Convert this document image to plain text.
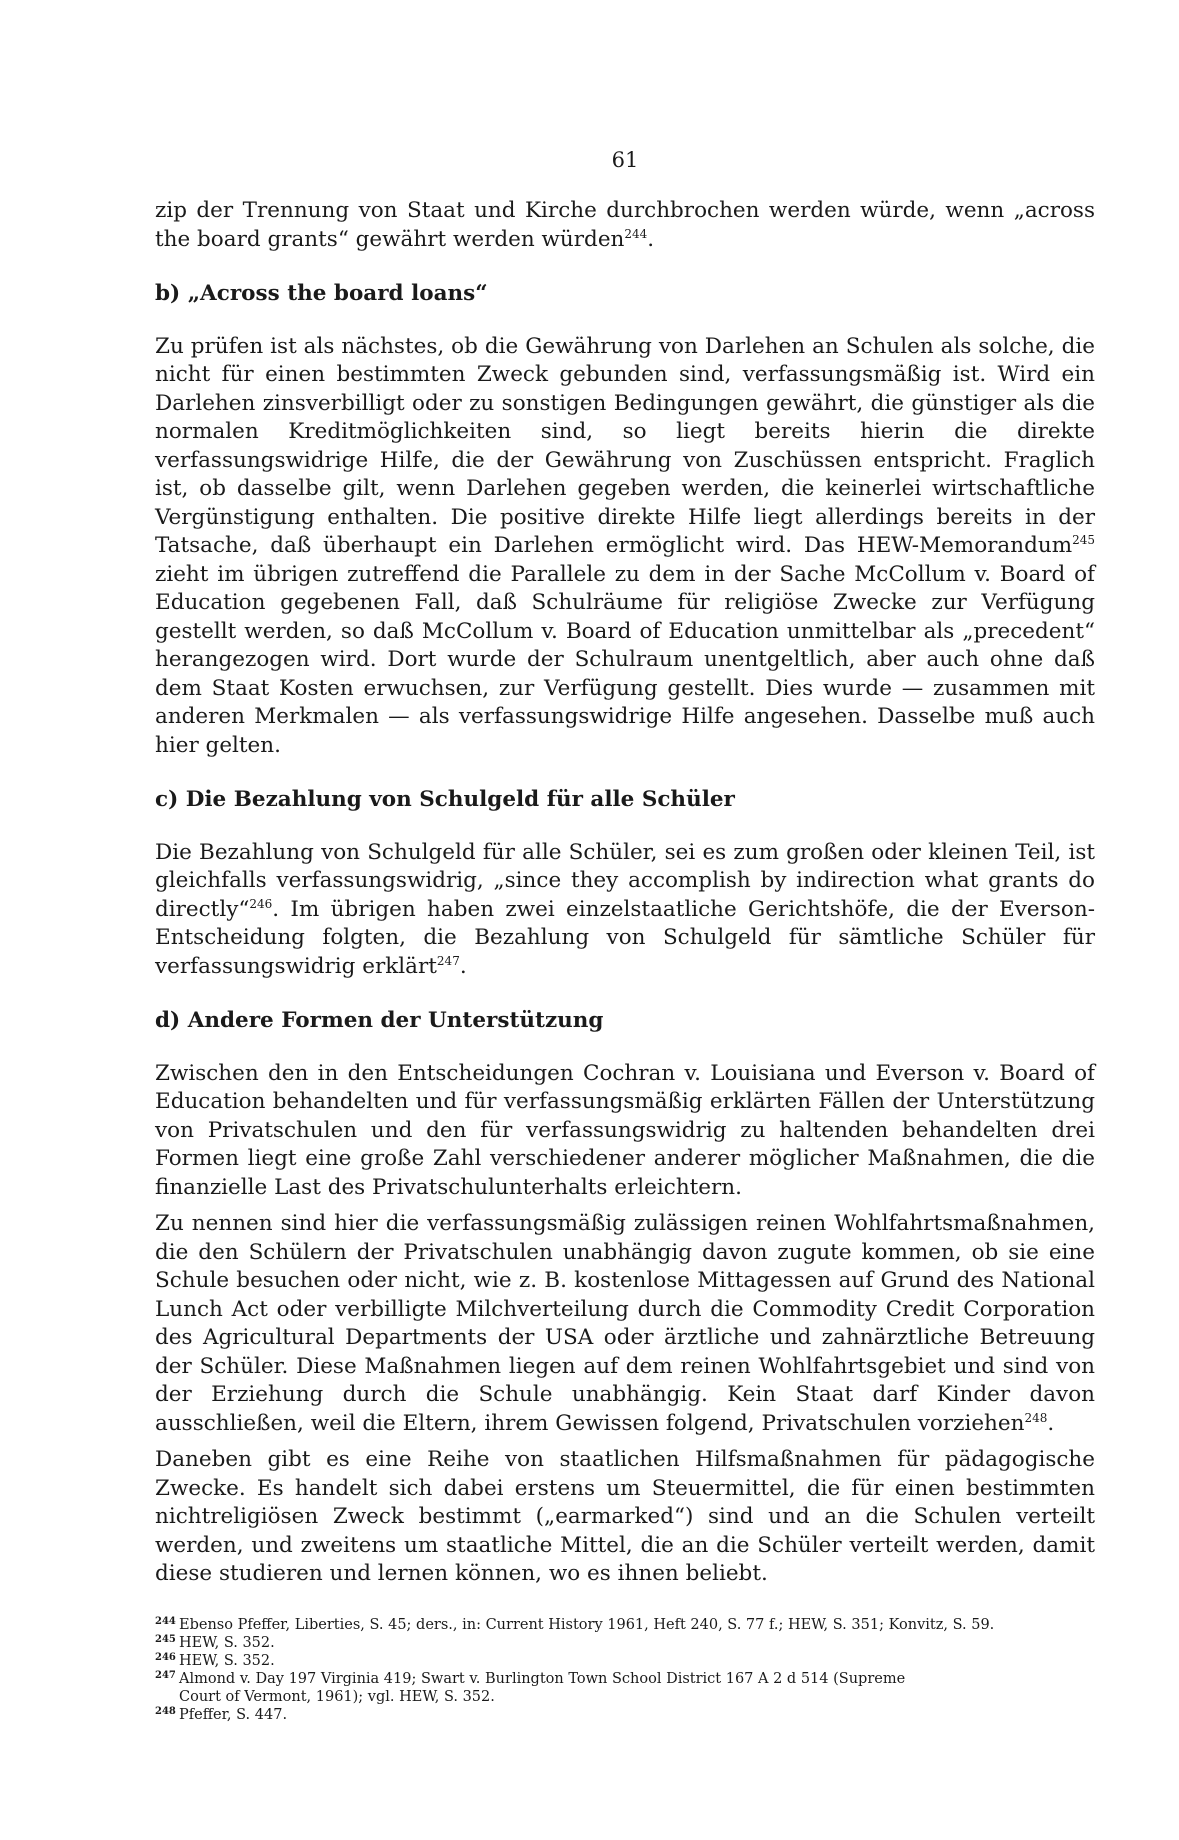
61

zip der Trennung von Staat und Kirche durchbrochen werden würde, wenn „across the board grants“ gewährt werden würden$^{244}$.

b) „Across the board loans“

Zu prüfen ist als nächstes, ob die Gewährung von Darlehen an Schulen als solche, die nicht für einen bestimmten Zweck gebunden sind, verfassungsmäßig ist. Wird ein Darlehen zinsverbilligt oder zu sonstigen Bedingungen gewährt, die günstiger als die normalen Kreditmöglichkeiten sind, so liegt bereits hierin die direkte verfassungswidrige Hilfe, die der Gewährung von Zuschüssen entspricht. Fraglich ist, ob dasselbe gilt, wenn Darlehen gegeben werden, die keinerlei wirtschaftliche Vergünstigung enthalten. Die positive direkte Hilfe liegt allerdings bereits in der Tatsache, daß überhaupt ein Darlehen ermöglicht wird. Das HEW-Memorandum$^{245}$ zieht im übrigen zutreffend die Parallele zu dem in der Sache McCollum v. Board of Education gegebenen Fall, daß Schulräume für religiöse Zwecke zur Verfügung gestellt werden, so daß McCollum v. Board of Education unmittelbar als „precedent“ herangezogen wird. Dort wurde der Schulraum unentgeltlich, aber auch ohne daß dem Staat Kosten erwuchsen, zur Verfügung gestellt. Dies wurde — zusammen mit anderen Merkmalen — als verfassungswidrige Hilfe angesehen. Dasselbe muß auch hier gelten.

c) Die Bezahlung von Schulgeld für alle Schüler

Die Bezahlung von Schulgeld für alle Schüler, sei es zum großen oder kleinen Teil, ist gleichfalls verfassungswidrig, „since they accomplish by indirection what grants do directly“$^{246}$. Im übrigen haben zwei einzelstaatliche Gerichtshöfe, die der Everson-Entscheidung folgten, die Bezahlung von Schulgeld für sämtliche Schüler für verfassungswidrig erklärt$^{247}$.

d) Andere Formen der Unterstützung

Zwischen den in den Entscheidungen Cochran v. Louisiana und Everson v. Board of Education behandelten und für verfassungsmäßig erklärten Fällen der Unterstützung von Privatschulen und den für verfassungswidrig zu haltenden behandelten drei Formen liegt eine große Zahl verschiedener anderer möglicher Maßnahmen, die die finanzielle Last des Privatschulunterhalts erleichtern.

Zu nennen sind hier die verfassungsmäßig zulässigen reinen Wohlfahrtsmaßnahmen, die den Schülern der Privatschulen unabhängig davon zugute kommen, ob sie eine Schule besuchen oder nicht, wie z. B. kostenlose Mittagessen auf Grund des National Lunch Act oder verbilligte Milchverteilung durch die Commodity Credit Corporation des Agricultural Departments der USA oder ärztliche und zahnärztliche Betreuung der Schüler. Diese Maßnahmen liegen auf dem reinen Wohlfahrtsgebiet und sind von der Erziehung durch die Schule unabhängig. Kein Staat darf Kinder davon ausschließen, weil die Eltern, ihrem Gewissen folgend, Privatschulen vorziehen$^{248}$.

Daneben gibt es eine Reihe von staatlichen Hilfsmaßnahmen für pädagogische Zwecke. Es handelt sich dabei erstens um Steuermittel, die für einen bestimmten nichtreligiösen Zweck bestimmt („earmarked“) sind und an die Schulen verteilt werden, und zweitens um staatliche Mittel, die an die Schüler verteilt werden, damit diese studieren und lernen können, wo es ihnen beliebt.

244 Ebenso Pfeffer, Liberties, S. 45; ders., in: Current History 1961, Heft 240, S. 77 f.; HEW, S. 351; Konvitz, S. 59.
245 HEW, S. 352.
246 HEW, S. 352.
247 Almond v. Day 197 Virginia 419; Swart v. Burlington Town School District 167 A 2 d 514 (Supreme
Court of Vermont, 1961); vgl. HEW, S. 352.
248 Pfeffer, S. 447.
